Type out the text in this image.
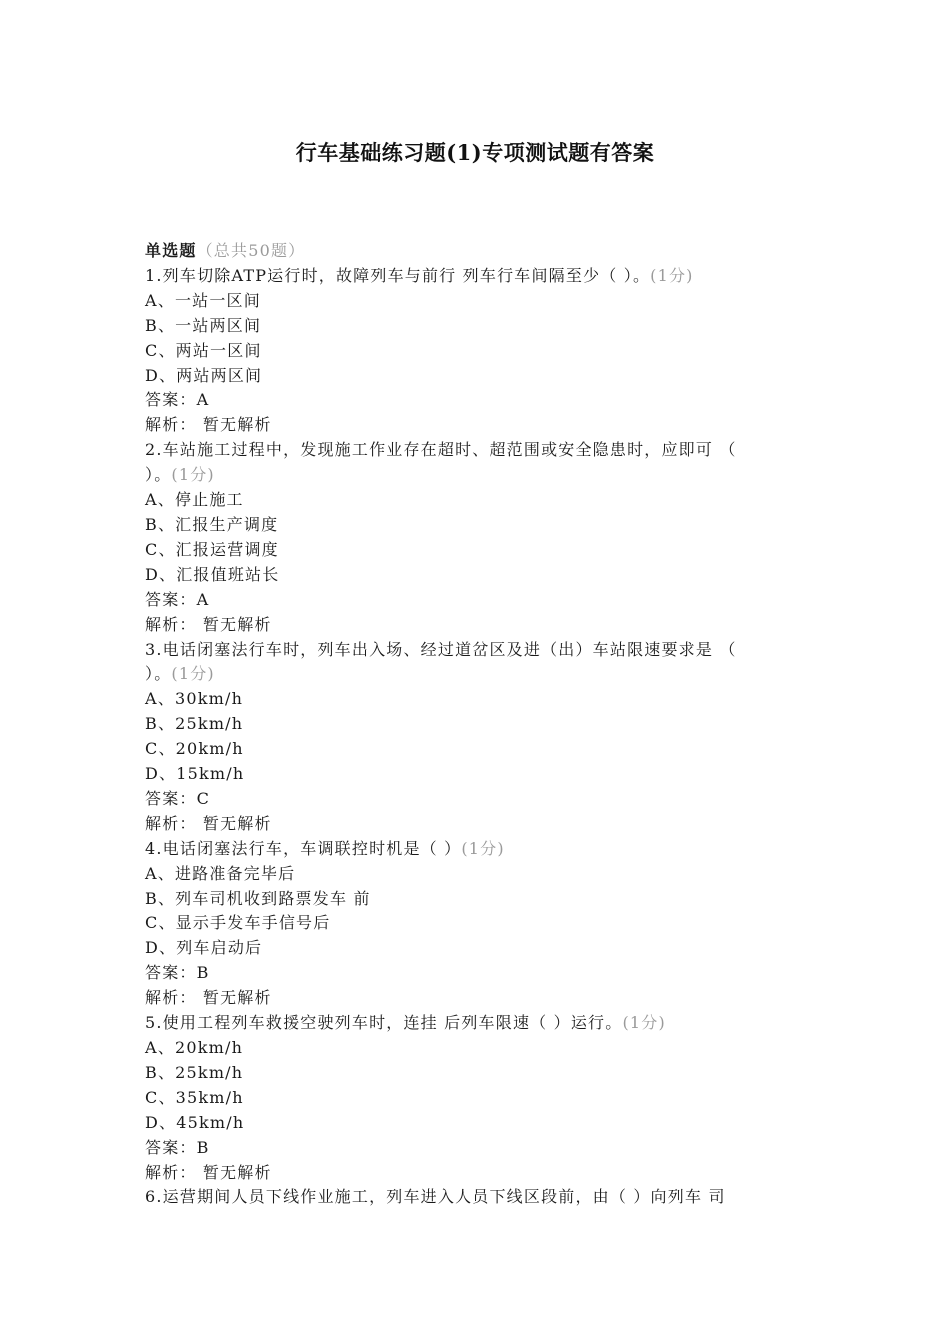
行车基础练习题(1)专项测试题有答案
单选题（总共50题）
1.列车切除ATP运行时，故障列车与前行 列车行车间隔至少（ ）。(1分)
A、一站一区间
B、一站两区间
C、两站一区间
D、两站两区间
答案：A
解析： 暂无解析
2.车站施工过程中，发现施工作业存在超时、超范围或安全隐患时，应即可 （
）。(1分)
A、停止施工
B、汇报生产调度
C、汇报运营调度
D、汇报值班站长
答案：A
解析： 暂无解析
3.电话闭塞法行车时，列车出入场、经过道岔区及进（出）车站限速要求是 （
）。(1分)
A、30km/h
B、25km/h
C、20km/h
D、15km/h
答案：C
解析： 暂无解析
4.电话闭塞法行车，车调联控时机是（ ）(1分)
A、进路准备完毕后
B、列车司机收到路票发车 前
C、显示手发车手信号后
D、列车启动后
答案：B
解析： 暂无解析
5.使用工程列车救援空驶列车时，连挂 后列车限速（ ）运行。(1分)
A、20km/h
B、25km/h
C、35km/h
D、45km/h
答案：B
解析： 暂无解析
6.运营期间人员下线作业施工，列车进入人员下线区段前，由（ ）向列车 司
